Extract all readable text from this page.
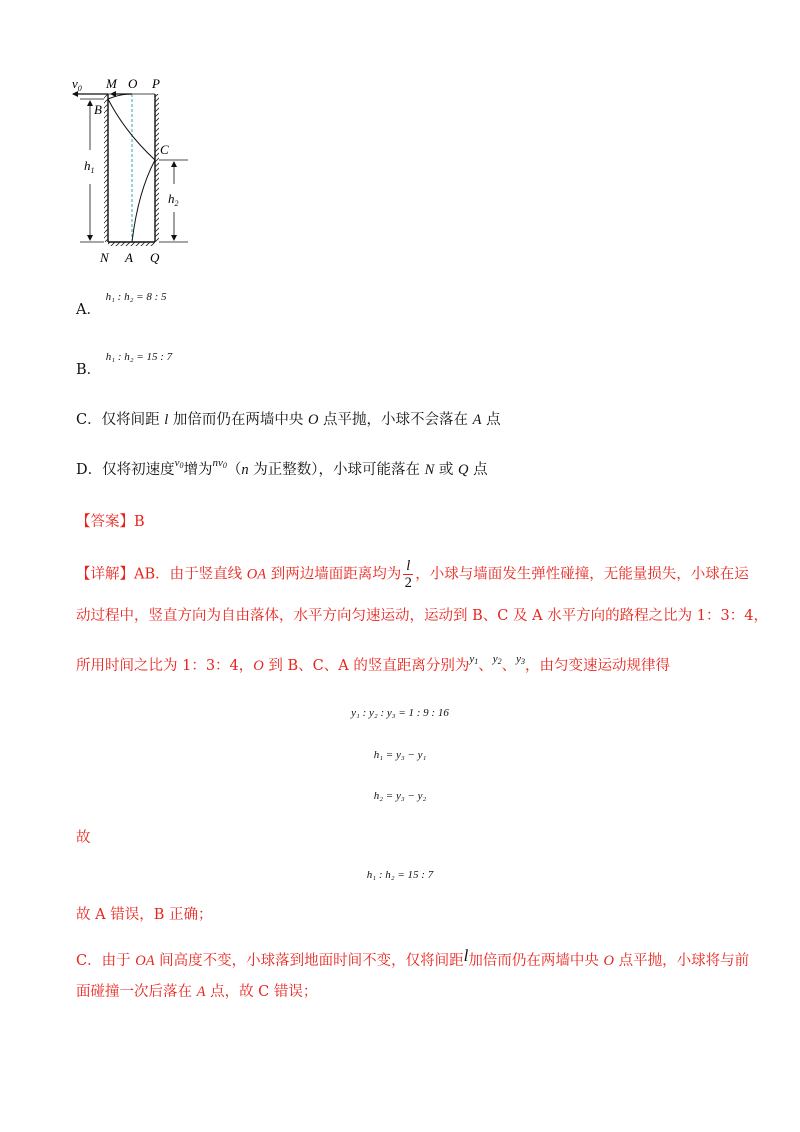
$v_0$ M O P
B
C
$h_1$
$h_2$
N A Q
A． $^{h_1 : h_2 = 8 : 5}$
B． $^{h_1 : h_2 = 15 : 7}$
C．仅将间距 l 加倍而仍在两墙中央 O 点平抛，小球不会落在 A 点
D．仅将初速度$^{v_0}$增为$^{nv_0}$（n 为正整数），小球可能落在 N 或 Q 点
【答案】B
【详解】AB．由于竖直线 OA 到两边墙面距离均为 $\frac{l}{2}$ ，小球与墙面发生弹性碰撞，无能量损失，小球在运
动过程中，竖直方向为自由落体，水平方向匀速运动，运动到 B、C 及 A 水平方向的路程之比为 1：3：4，
所用时间之比为 1：3：4，O 到 B、C、A 的竖直距离分别为$^{y_1}$、$^{y_2}$、$^{y_3}$，由匀变速运动规律得
y₁ : y₂ : y₃ = 1 : 9 : 16
h₁ = y₃ − y₁
h₂ = y₃ − y₂
故
h₁ : h₂ = 15 : 7
故 A 错误，B 正确；
C．由于 OA 间高度不变，小球落到地面时间不变，仅将间距l加倍而仍在两墙中央 O 点平抛，小球将与前
面碰撞一次后落在 A 点，故 C 错误；
